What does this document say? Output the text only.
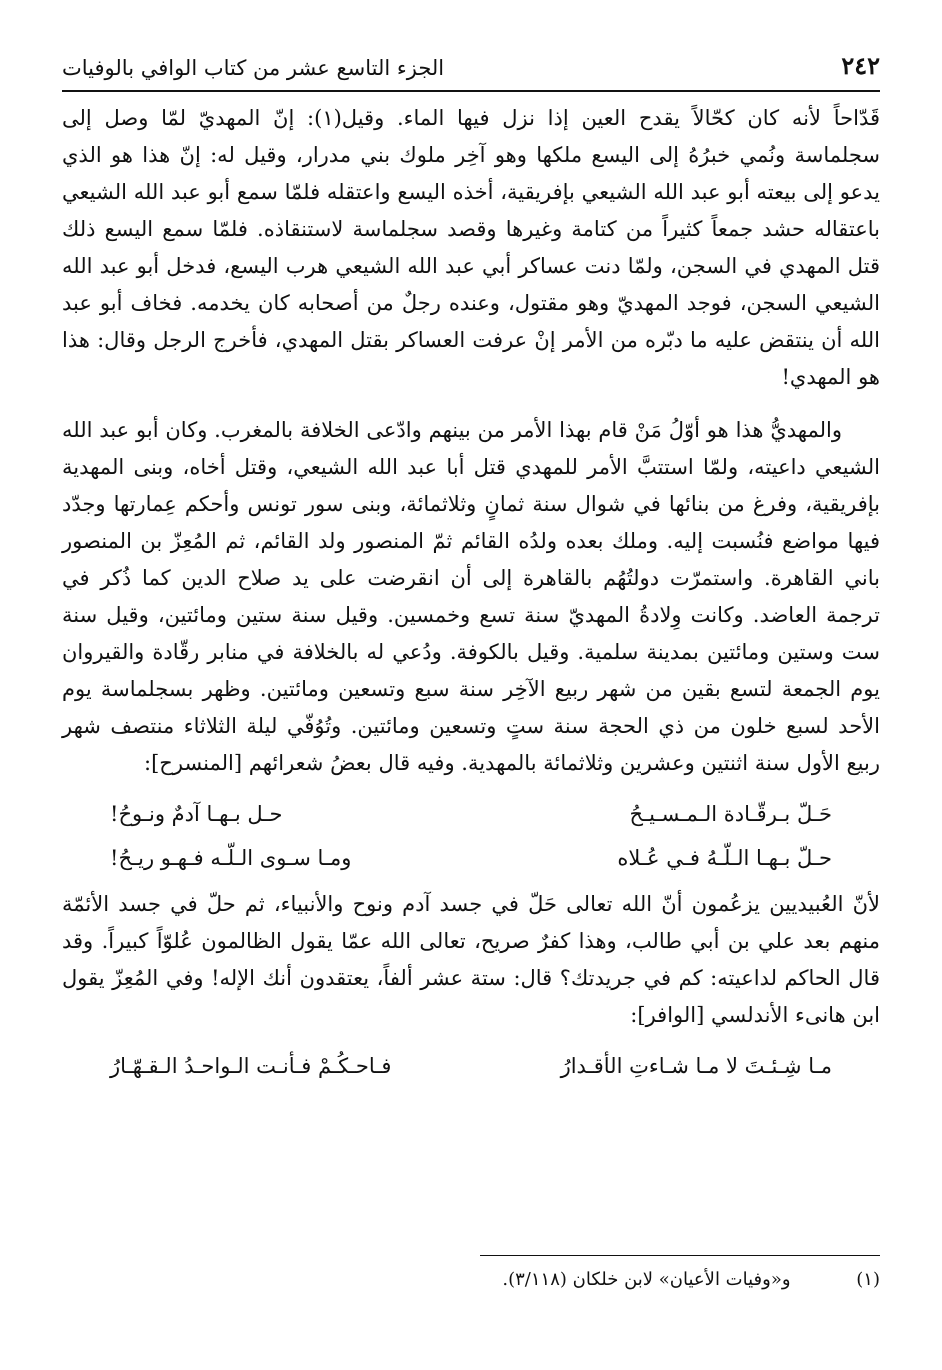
٢٤٢
الجزء التاسع عشر من كتاب الوافي بالوفيات

قَدّاحاً لأنه كان كحّالاً يقدح العين إذا نزل فيها الماء. وقيل(١): إنّ المهديّ لمّا وصل إلى سجلماسة ونُمي خبرُهُ إلى اليسع ملكها وهو آخِر ملوك بني مدرار، وقيل له: إنّ هذا هو الذي يدعو إلى بيعته أبو عبد الله الشيعي بإفريقية، أخذه اليسع واعتقله فلمّا سمع أبو عبد الله الشيعي باعتقاله حشد جمعاً كثيراً من كتامة وغيرها وقصد سجلماسة لاستنقاذه. فلمّا سمع اليسع ذلك قتل المهدي في السجن، ولمّا دنت عساكر أبي عبد الله الشيعي هرب اليسع، فدخل أبو عبد الله الشيعي السجن، فوجد المهديّ وهو مقتول، وعنده رجلٌ من أصحابه كان يخدمه. فخاف أبو عبد الله أن ينتقض عليه ما دبّره من الأمر إنْ عرفت العساكر بقتل المهدي، فأخرج الرجل وقال: هذا هو المهدي!

والمهديُّ هذا هو أوّلُ مَنْ قام بهذا الأمر من بينهم وادّعى الخلافة بالمغرب. وكان أبو عبد الله الشيعي داعيته، ولمّا استتبَّ الأمر للمهدي قتل أبا عبد الله الشيعي، وقتل أخاه، وبنى المهدية بإفريقية، وفرغ من بنائها في شوال سنة ثمانٍ وثلاثمائة، وبنى سور تونس وأحكم عِمارتها وجدّد فيها مواضع فنُسبت إليه. وملك بعده ولدُه القائم ثمّ المنصور ولد القائم، ثم المُعِزّ بن المنصور باني القاهرة. واستمرّت دولتُهُم بالقاهرة إلى أن انقرضت على يد صلاح الدين كما ذُكر في ترجمة العاضد. وكانت وِلادةُ المهديّ سنة تسع وخمسين. وقيل سنة ستين ومائتين، وقيل سنة ست وستين ومائتين بمدينة سلمية. وقيل بالكوفة. ودُعي له بالخلافة في منابر رقّادة والقيروان يوم الجمعة لتسع بقين من شهر ربيع الآخِر سنة سبع وتسعين ومائتين. وظهر بسجلماسة يوم الأحد لسبع خلون من ذي الحجة سنة ستٍ وتسعين ومائتين. وتُوُفّي ليلة الثلاثاء منتصف شهر ربيع الأول سنة اثنتين وعشرين وثلاثمائة بالمهدية. وفيه قال بعضُ شعرائهم [المنسرح]:

حَـلّ بـرقّـادة الـمـسـيـحُ
حـل بـهـا آدمٌ ونـوحُ!
حـلّ بـهـا الـلّـهُ فـي عُـلاه
ومـا سـوى الـلّـه فـهـو ريـحُ!

لأنّ العُبيديين يزعُمون أنّ الله تعالى حَلّ في جسد آدم ونوح والأنبياء، ثم حلّ في جسد الأئمّة منهم بعد علي بن أبي طالب، وهذا كفرٌ صريح، تعالى الله عمّا يقول الظالمون عُلوّاً كبيراً. وقد قال الحاكم لداعيته: كم في جريدتك؟ قال: ستة عشر ألفاً، يعتقدون أنك الإله! وفي المُعِزّ يقول ابن هانىء الأندلسي [الوافر]:

مـا شِـئـتَ لا مـا شـاءتِ الأقـدارُ
فـاحـكُـمْ فـأنـت الـواحـدُ الـقـهّـارُ
(١) و«وفيات الأعيان» لابن خلكان (٣/١١٨).
